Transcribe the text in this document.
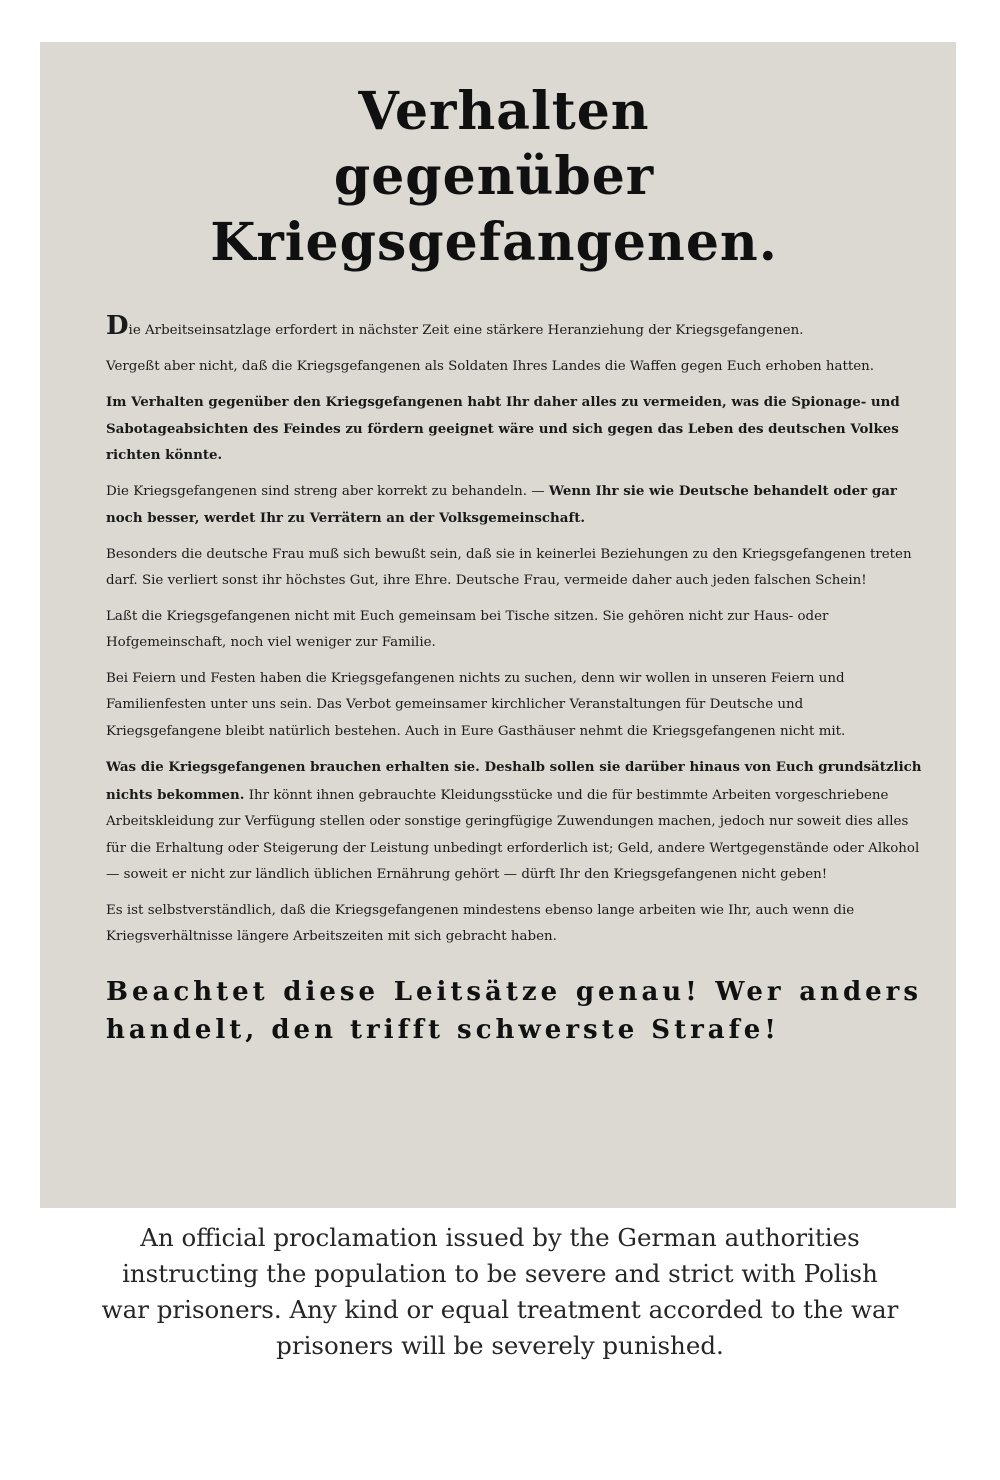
Verhalten
gegenüber Kriegsgefangenen.

Die Arbeitseinsatzlage erfordert in nächster Zeit eine stärkere Heranziehung der Kriegsgefangenen.

Vergeßt aber nicht, daß die Kriegsgefangenen als Soldaten Ihres Landes die Waffen gegen Euch erhoben hatten.

Im Verhalten gegenüber den Kriegsgefangenen habt Ihr daher alles zu vermeiden, was die Spionage- und Sabotageabsichten des Feindes zu fördern geeignet wäre und sich gegen das Leben des deutschen Volkes richten könnte.

Die Kriegsgefangenen sind streng aber korrekt zu behandeln. — Wenn Ihr sie wie Deutsche behandelt oder gar noch besser, werdet Ihr zu Verrätern an der Volksgemeinschaft.

Besonders die deutsche Frau muß sich bewußt sein, daß sie in keinerlei Beziehungen zu den Kriegsgefangenen treten darf. Sie verliert sonst ihr höchstes Gut, ihre Ehre. Deutsche Frau, vermeide daher auch jeden falschen Schein!

Laßt die Kriegsgefangenen nicht mit Euch gemeinsam bei Tische sitzen. Sie gehören nicht zur Haus- oder Hofgemeinschaft, noch viel weniger zur Familie.

Bei Feiern und Festen haben die Kriegsgefangenen nichts zu suchen, denn wir wollen in unseren Feiern und Familienfesten unter uns sein. Das Verbot gemeinsamer kirchlicher Veranstaltungen für Deutsche und Kriegsgefangene bleibt natürlich bestehen. Auch in Eure Gasthäuser nehmt die Kriegsgefangenen nicht mit.

Was die Kriegsgefangenen brauchen erhalten sie. Deshalb sollen sie darüber hinaus von Euch grundsätzlich nichts bekommen. Ihr könnt ihnen gebrauchte Kleidungsstücke und die für bestimmte Arbeiten vorgeschriebene Arbeitskleidung zur Verfügung stellen oder sonstige geringfügige Zuwendungen machen, jedoch nur soweit dies alles für die Erhaltung oder Steigerung der Leistung unbedingt erforderlich ist; Geld, andere Wertgegenstände oder Alkohol — soweit er nicht zur ländlich üblichen Ernährung gehört — dürft Ihr den Kriegsgefangenen nicht geben!

Es ist selbstverständlich, daß die Kriegsgefangenen mindestens ebenso lange arbeiten wie Ihr, auch wenn die Kriegsverhältnisse längere Arbeitszeiten mit sich gebracht haben.

Beachtet diese Leitsätze genau! Wer anders handelt, den trifft schwerste Strafe!

An official proclamation issued by the German authorities instructing the population to be severe and strict with Polish war prisoners. Any kind or equal treatment accorded to the war prisoners will be severely punished.
